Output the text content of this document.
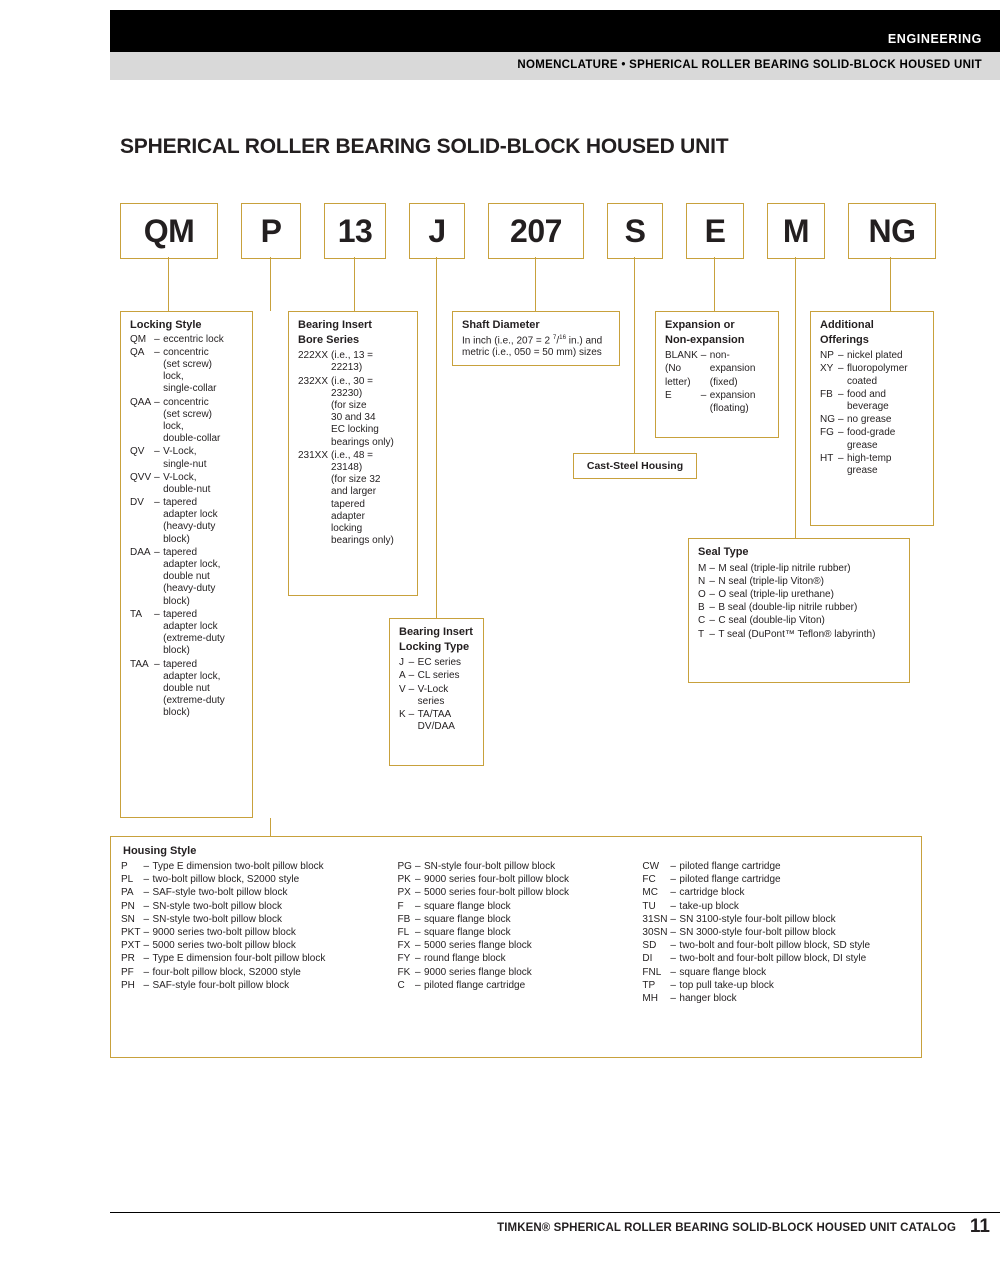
ENGINEERING
NOMENCLATURE • SPHERICAL ROLLER BEARING SOLID-BLOCK HOUSED UNIT
SPHERICAL ROLLER BEARING SOLID-BLOCK HOUSED UNIT
QM	P	13	J	207	S	E	M	NG
Locking Style
QM	–	eccentric lock
QA	–	concentric
(set screw)
lock,
single-collar
QAA	–	concentric
(set screw)
lock,
double-collar
QV	–	V-Lock,
single-nut
QVV	–	V-Lock,
double-nut
DV	–	tapered
adapter lock
(heavy-duty
block)
DAA	–	tapered
adapter lock,
double nut
(heavy-duty
block)
TA	–	tapered
adapter lock
(extreme-duty
block)
TAA	–	tapered
adapter lock,
double nut
(extreme-duty
block)
Bearing Insert
Bore Series
222XX	(i.e., 13 =
22213)
232XX	(i.e., 30 =
23230)
(for size
30 and 34
EC locking
bearings only)
231XX	(i.e., 48 =
23148)
(for size 32
and larger
tapered
adapter
locking
bearings only)
Bearing Insert
Locking Type
J	–	EC series
A	–	CL series
V	–	V-Lock
series
K	–	TA/TAA
DV/DAA
Shaft Diameter
In inch (i.e., 207 = 2 $^7$/$^{16}$ in.) and metric (i.e., 050 = 50 mm) sizes
Cast-Steel Housing
Expansion or
Non-expansion
BLANK	–	non-
(No		expansion
letter)		(fixed)
E	–	expansion
		(floating)
Seal Type
M	–	M seal (triple-lip nitrile rubber)
N	–	N seal (triple-lip Viton®)
O	–	O seal (triple-lip urethane)
B	–	B seal (double-lip nitrile rubber)
C	–	C seal (double-lip Viton)
T	–	T seal (DuPont™ Teflon® labyrinth)
Additional
Offerings
NP	–	nickel plated
XY	–	fluoropolymer
coated
FB	–	food and
beverage
NG	–	no grease
FG	–	food-grade
grease
HT	–	high-temp
grease
Housing Style
P	–	Type E dimension two-bolt pillow block
PL	–	two-bolt pillow block, S2000 style
PA	–	SAF-style two-bolt pillow block
PN	–	SN-style two-bolt pillow block
SN	–	SN-style two-bolt pillow block
PKT	–	9000 series two-bolt pillow block
PXT	–	5000 series two-bolt pillow block
PR	–	Type E dimension four-bolt pillow block
PF	–	four-bolt pillow block, S2000 style
PH	–	SAF-style four-bolt pillow block
PG	–	SN-style four-bolt pillow block
PK	–	9000 series four-bolt pillow block
PX	–	5000 series four-bolt pillow block
F	–	square flange block
FB	–	square flange block
FL	–	square flange block
FX	–	5000 series flange block
FY	–	round flange block
FK	–	9000 series flange block
C	–	piloted flange cartridge
CW	–	piloted flange cartridge
FC	–	piloted flange cartridge
MC	–	cartridge block
TU	–	take-up block
31SN	–	SN 3100-style four-bolt pillow block
30SN	–	SN 3000-style four-bolt pillow block
SD	–	two-bolt and four-bolt pillow block, SD style
DI	–	two-bolt and four-bolt pillow block, DI style
FNL	–	square flange block
TP	–	top pull take-up block
MH	–	hanger block
TIMKEN® SPHERICAL ROLLER BEARING SOLID-BLOCK HOUSED UNIT CATALOG 11
